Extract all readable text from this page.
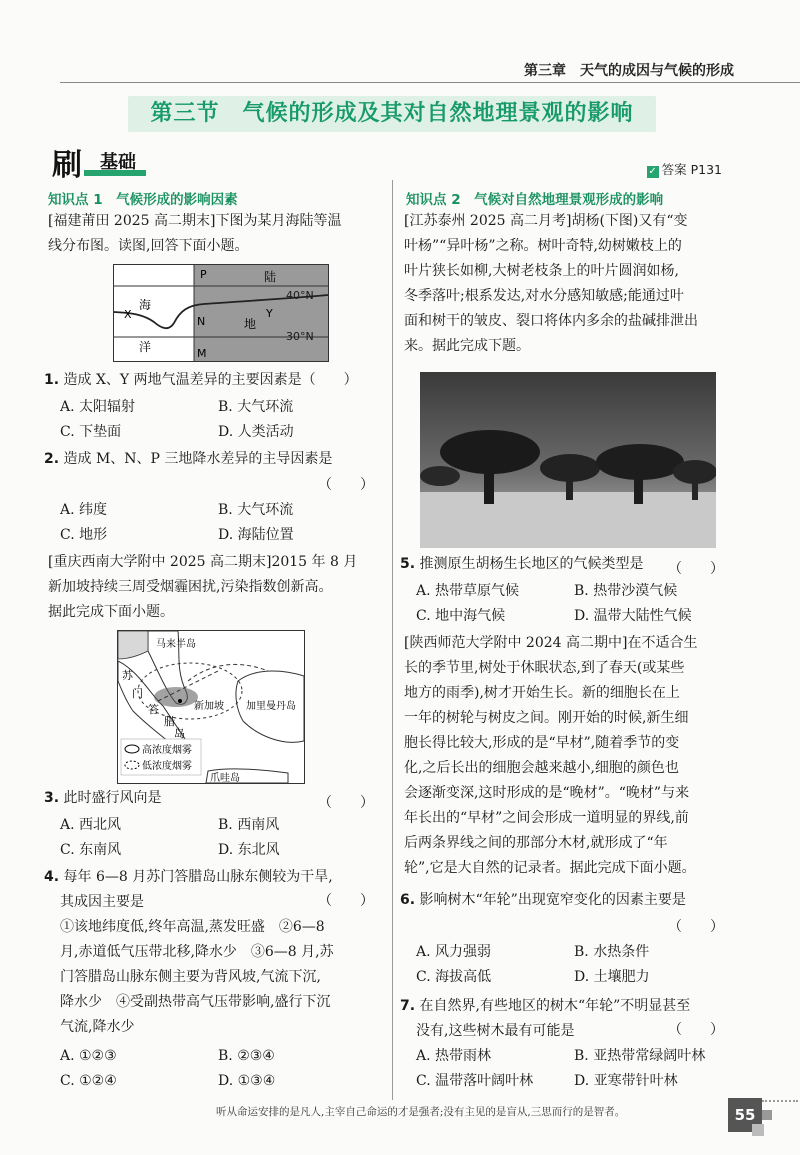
第三章　天气的成因与气候的形成
第三节　气候的形成及其对自然地理景观的影响
刷 基础	✓ 答案 P131
知识点 1　气候形成的影响因素
[福建莆田 2025 高二期末]下图为某月海陆等温
线分布图。读图,回答下面小题。
P	陆
海
X
N	地
Y
洋	M
40°N
30°N
1. 造成 X、Y 两地气温差异的主要因素是（　　）
A. 太阳辐射	B. 大气环流
C. 下垫面	D. 人类活动
2. 造成 M、N、P 三地降水差异的主导因素是
（　　）
A. 纬度	B. 大气环流
C. 地形	D. 海陆位置
[重庆西南大学附中 2025 高二期末]2015 年 8 月
新加坡持续三周受烟霾困扰,污染指数创新高。
据此完成下面小题。
高浓度烟雾
低浓度烟雾
马来半岛
苏
门
答
腊
岛
新加坡 加里曼丹岛
爪哇岛
3. 此时盛行风向是	（　　）
A. 西北风	B. 西南风
C. 东南风	D. 东北风
4. 每年 6—8 月苏门答腊岛山脉东侧较为干旱,
其成因主要是	（　　）
①该地纬度低,终年高温,蒸发旺盛　②6—8
月,赤道低气压带北移,降水少　③6—8 月,苏
门答腊岛山脉东侧主要为背风坡,气流下沉,
降水少　④受副热带高气压带影响,盛行下沉
气流,降水少
A. ①②③	B. ②③④
C. ①②④	D. ①③④
知识点 2　气候对自然地理景观形成的影响
[江苏泰州 2025 高二月考]胡杨(下图)又有“变
叶杨”“异叶杨”之称。树叶奇特,幼树嫩枝上的
叶片狭长如柳,大树老枝条上的叶片圆润如杨,
冬季落叶;根系发达,对水分感知敏感;能通过叶
面和树干的皱皮、裂口将体内多余的盐碱排泄出
来。据此完成下题。
5. 推测原生胡杨生长地区的气候类型是 （　　）
A. 热带草原气候	B. 热带沙漠气候
C. 地中海气候	D. 温带大陆性气候
[陕西师范大学附中 2024 高二期中]在不适合生
长的季节里,树处于休眠状态,到了春天(或某些
地方的雨季),树才开始生长。新的细胞长在上
一年的树轮与树皮之间。刚开始的时候,新生细
胞长得比较大,形成的是“早材”,随着季节的变
化,之后长出的细胞会越来越小,细胞的颜色也
会逐渐变深,这时形成的是“晚材”。“晚材”与来
年长出的“早材”之间会形成一道明显的界线,前
后两条界线之间的那部分木材,就形成了“年
轮”,它是大自然的记录者。据此完成下面小题。
6. 影响树木“年轮”出现宽窄变化的因素主要是
（　　）
A. 风力强弱	B. 水热条件
C. 海拔高低	D. 土壤肥力
7. 在自然界,有些地区的树木“年轮”不明显甚至
没有,这些树木最有可能是	（　　）
A. 热带雨林	B. 亚热带常绿阔叶林
C. 温带落叶阔叶林	D. 亚寒带针叶林
听从命运安排的是凡人,主宰自己命运的才是强者;没有主见的是盲从,三思而行的是智者。	55
